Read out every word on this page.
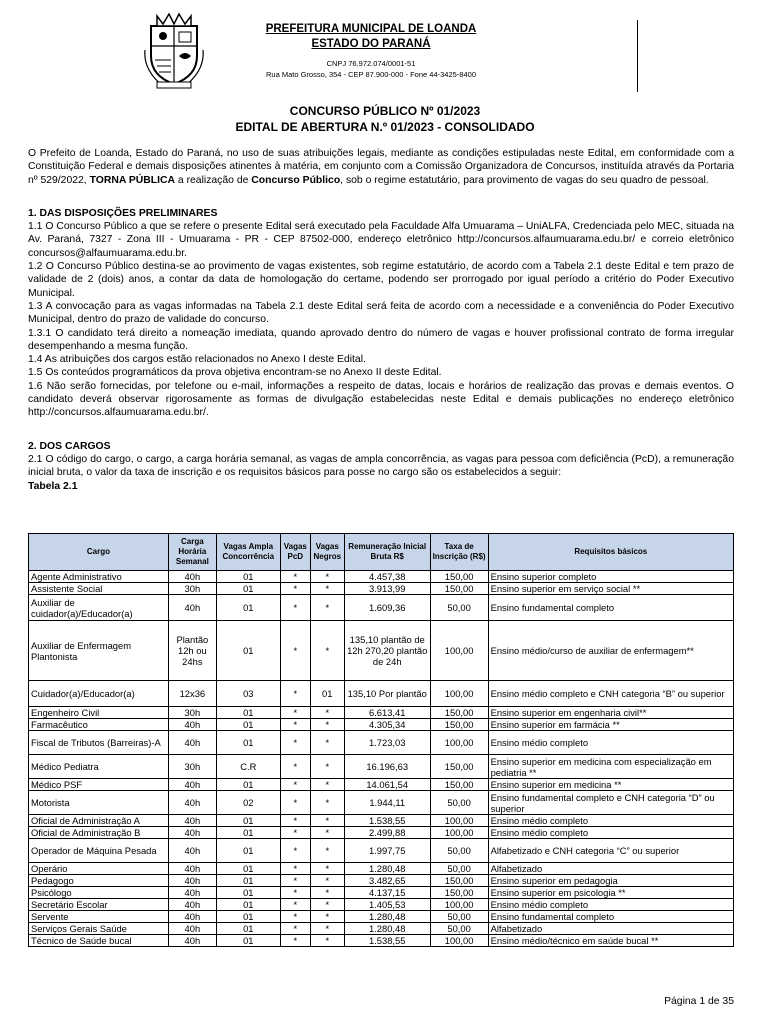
PREFEITURA MUNICIPAL DE LOANDA
ESTADO DO PARANÁ
CNPJ 76.972.074/0001-51
Rua Mato Grosso, 354 - CEP 87.900-000 - Fone 44-3425-8400
CONCURSO PÚBLICO Nº 01/2023
EDITAL DE ABERTURA N.º 01/2023 - CONSOLIDADO

O Prefeito de Loanda, Estado do Paraná, no uso de suas atribuições legais, mediante as condições estipuladas neste Edital, em conformidade com a Constituição Federal e demais disposições atinentes à matéria, em conjunto com a Comissão Organizadora de Concursos, instituída através da Portaria nº 529/2022, TORNA PÚBLICA a realização de Concurso Público, sob o regime estatutário, para provimento de vagas do seu quadro de pessoal.

1. DAS DISPOSIÇÕES PRELIMINARES

1.1 O Concurso Público a que se refere o presente Edital será executado pela Faculdade Alfa Umuarama – UniALFA, Credenciada pelo MEC, situada na Av. Paraná, 7327 - Zona III - Umuarama - PR - CEP 87502-000, endereço eletrônico http://concursos.alfaumuarama.edu.br/ e correio eletrônico concursos@alfaumuarama.edu.br.

1.2 O Concurso Público destina-se ao provimento de vagas existentes, sob regime estatutário, de acordo com a Tabela 2.1 deste Edital e tem prazo de validade de 2 (dois) anos, a contar da data de homologação do certame, podendo ser prorrogado por igual período a critério do Poder Executivo Municipal.

1.3 A convocação para as vagas informadas na Tabela 2.1 deste Edital será feita de acordo com a necessidade e a conveniência do Poder Executivo Municipal, dentro do prazo de validade do concurso.

1.3.1 O candidato terá direito a nomeação imediata, quando aprovado dentro do número de vagas e houver profissional contrato de forma irregular desempenhando a mesma função.

1.4 As atribuições dos cargos estão relacionados no Anexo I deste Edital.

1.5 Os conteúdos programáticos da prova objetiva encontram-se no Anexo II deste Edital.

1.6 Não serão fornecidas, por telefone ou e-mail, informações a respeito de datas, locais e horários de realização das provas e demais eventos. O candidato deverá observar rigorosamente as formas de divulgação estabelecidas neste Edital e demais publicações no endereço eletrônico http://concursos.alfaumuarama.edu.br/.

2. DOS CARGOS

2.1 O código do cargo, o cargo, a carga horária semanal, as vagas de ampla concorrência, as vagas para pessoa com deficiência (PcD), a remuneração inicial bruta, o valor da taxa de inscrição e os requisitos básicos para posse no cargo são os estabelecidos a seguir:

Tabela 2.1

Cargo	Carga Horária Semanal	Vagas Ampla Concorrência	Vagas PcD	Vagas Negros	Remuneração Inicial Bruta R$	Taxa de Inscrição (R$)	Requisitos básicos
Agente Administrativo	40h	01	*	*	4.457,38	150,00	Ensino superior completo
Assistente Social	30h	01	*	*	3.913,99	150,00	Ensino superior em serviço social **
Auxiliar de cuidador(a)/Educador(a)	40h	01	*	*	1.609,36	50,00	Ensino fundamental completo
Auxiliar de Enfermagem Plantonista	Plantão 12h ou 24hs	01	*	*	135,10 plantão de 12h 270,20 plantão de 24h	100,00	Ensino médio/curso de auxiliar de enfermagem**
Cuidador(a)/Educador(a)	12x36	03	*	01	135,10 Por plantão	100,00	Ensino médio completo e CNH categoria “B” ou superior
Engenheiro Civil	30h	01	*	*	6.613,41	150,00	Ensino superior em engenharia civil**
Farmacêutico	40h	01	*	*	4.305,34	150,00	Ensino superior em farmácia **
Fiscal de Tributos (Barreiras)-A	40h	01	*	*	1.723,03	100,00	Ensino médio completo
Médico Pediatra	30h	C.R	*	*	16.196,63	150,00	Ensino superior em medicina com especialização em pediatria **
Médico PSF	40h	01	*	*	14.061,54	150,00	Ensino superior em medicina **
Motorista	40h	02	*	*	1.944,11	50,00	Ensino fundamental completo e CNH categoria “D” ou superior
Oficial de Administração A	40h	01	*	*	1.538,55	100,00	Ensino médio completo
Oficial de Administração B	40h	01	*	*	2.499,88	100,00	Ensino médio completo
Operador de Máquina Pesada	40h	01	*	*	1.997,75	50,00	Alfabetizado e CNH categoria “C” ou superior
Operário	40h	01	*	*	1.280,48	50,00	Alfabetizado
Pedagogo	40h	01	*	*	3.482,65	150,00	Ensino superior em pedagogia
Psicólogo	40h	01	*	*	4.137,15	150,00	Ensino superior em psicologia **
Secretário Escolar	40h	01	*	*	1.405,53	100,00	Ensino médio completo
Servente	40h	01	*	*	1.280,48	50,00	Ensino fundamental completo
Serviços Gerais Saúde	40h	01	*	*	1.280,48	50,00	Alfabetizado
Técnico de Saúde bucal	40h	01	*	*	1.538,55	100,00	Ensino médio/técnico em saúde bucal **
Página 1 de 35
